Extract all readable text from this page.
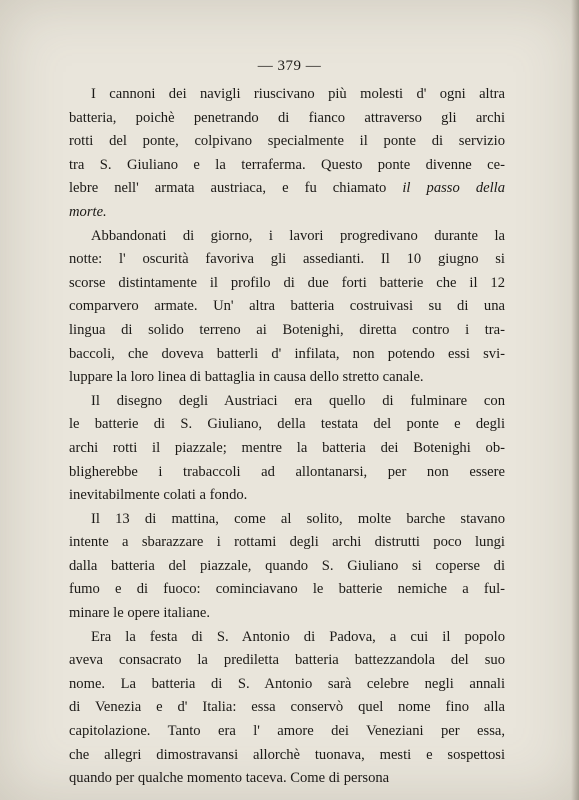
— 379 —

I cannoni dei navigli riuscivano più molesti d' ogni altra
batteria, poichè penetrando di fianco attraverso gli archi
rotti del ponte, colpivano specialmente il ponte di servizio
tra S. Giuliano e la terraferma. Questo ponte divenne ce-
lebre nell' armata austriaca, e fu chiamato il passo della
morte.

Abbandonati di giorno, i lavori progredivano durante la
notte: l' oscurità favoriva gli assedianti. Il 10 giugno si
scorse distintamente il profilo di due forti batterie che il 12
comparvero armate. Un' altra batteria costruivasi su di una
lingua di solido terreno ai Botenighi, diretta contro i tra-
baccoli, che doveva batterli d' infilata, non potendo essi svi-
luppare la loro linea di battaglia in causa dello stretto canale.

Il disegno degli Austriaci era quello di fulminare con
le batterie di S. Giuliano, della testata del ponte e degli
archi rotti il piazzale; mentre la batteria dei Botenighi ob-
bligherebbe i trabaccoli ad allontanarsi, per non essere
inevitabilmente colati a fondo.

Il 13 di mattina, come al solito, molte barche stavano
intente a sbarazzare i rottami degli archi distrutti poco lungi
dalla batteria del piazzale, quando S. Giuliano si coperse di
fumo e di fuoco: cominciavano le batterie nemiche a ful-
minare le opere italiane.

Era la festa di S. Antonio di Padova, a cui il popolo
aveva consacrato la prediletta batteria battezzandola del suo
nome. La batteria di S. Antonio sarà celebre negli annali
di Venezia e d' Italia: essa conservò quel nome fino alla
capitolazione. Tanto era l' amore dei Veneziani per essa,
che allegri dimostravansi allorchè tuonava, mesti e sospettosi
quando per qualche momento taceva. Come di persona
